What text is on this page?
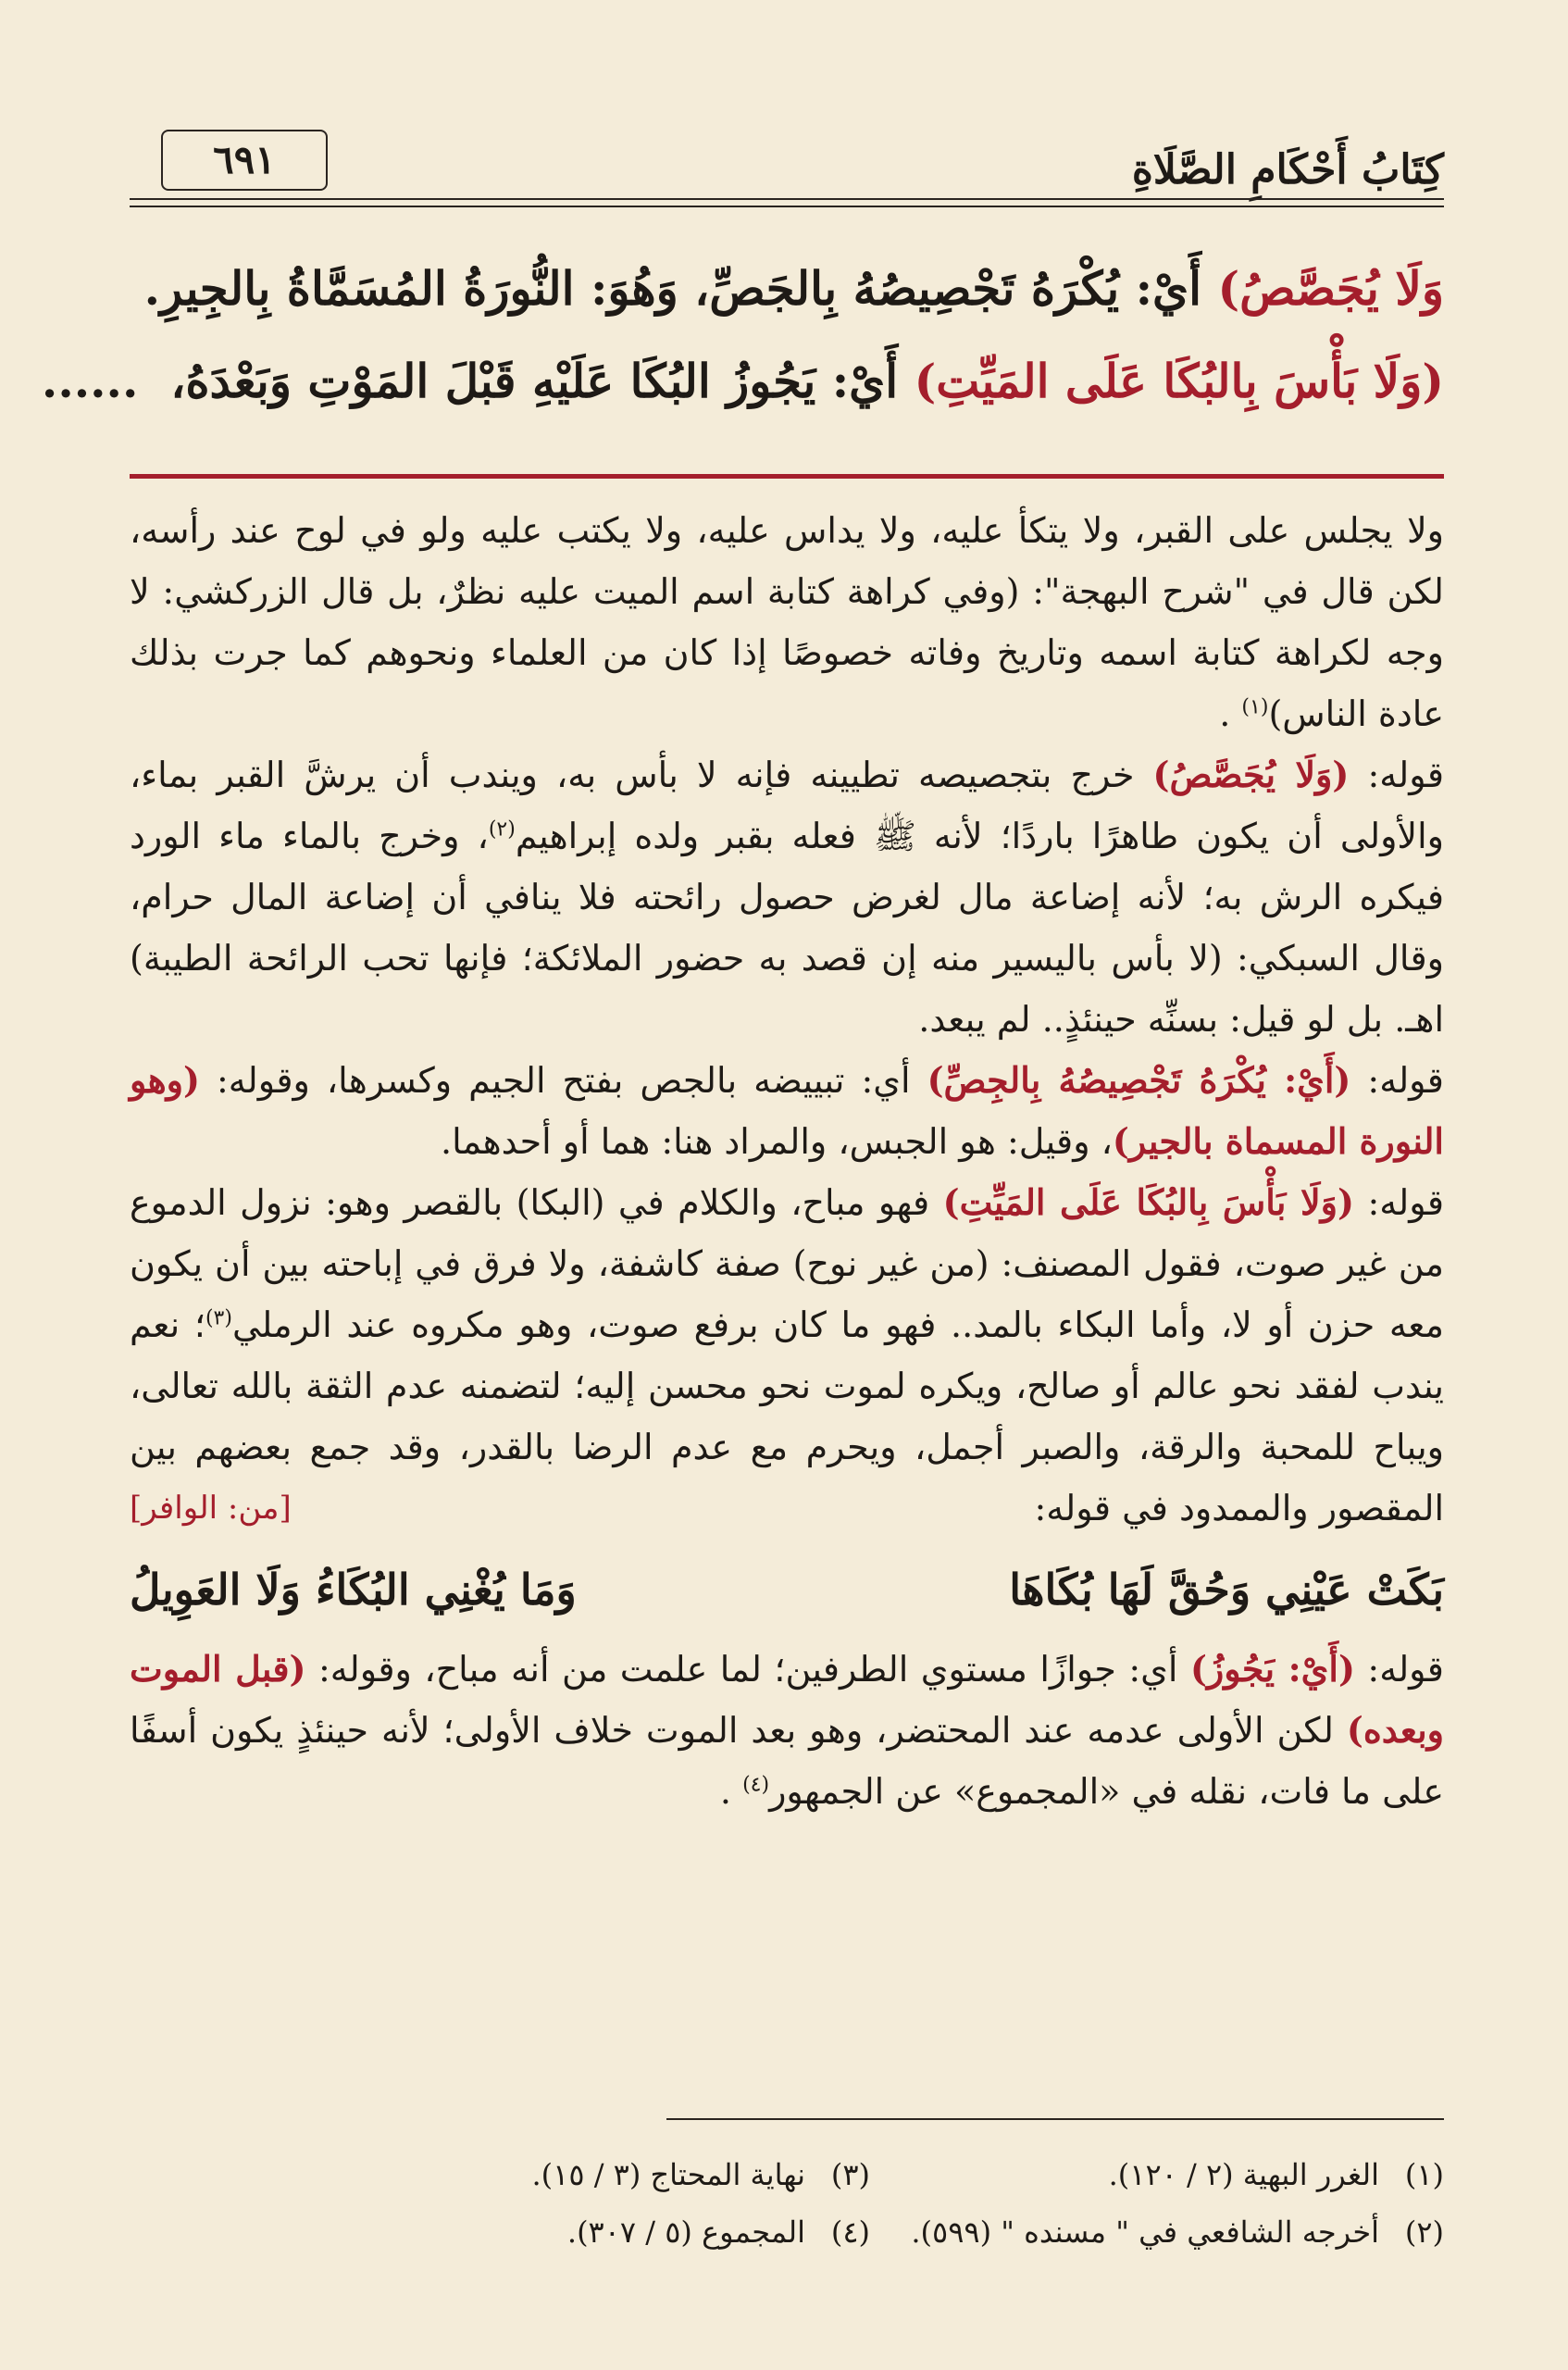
كِتَابُ أَحْكَامِ الصَّلَاةِ
٦٩١
وَلَا يُجَصَّصُ) أَيْ: يُكْرَهُ تَجْصِيصُهُ بِالجَصِّ، وَهُوَ: النُّورَةُ المُسَمَّاةُ بِالجِيرِ.
(وَلَا بَأْسَ بِالبُكَا عَلَى المَيِّتِ) أَيْ: يَجُوزُ البُكَا عَلَيْهِ قَبْلَ المَوْتِ وَبَعْدَهُ،  ......

ولا يجلس على القبر، ولا يتكأ عليه، ولا يداس عليه، ولا يكتب عليه ولو في لوح عند رأسه، لكن قال في "شرح البهجة": (وفي كراهة كتابة اسم الميت عليه نظرٌ، بل قال الزركشي: لا وجه لكراهة كتابة اسمه وتاريخ وفاته خصوصًا إذا كان من العلماء ونحوهم كما جرت بذلك عادة الناس)$^{(١)}$ .

قوله: (وَلَا يُجَصَّصُ) خرج بتجصيصه تطيينه فإنه لا بأس به، ويندب أن يرشَّ القبر بماء، والأولى أن يكون طاهرًا باردًا؛ لأنه ﷺ فعله بقبر ولده إبراهيم$^{(٢)}$، وخرج بالماء ماء الورد فيكره الرش به؛ لأنه إضاعة مال لغرض حصول رائحته فلا ينافي أن إضاعة المال حرام، وقال السبكي: (لا بأس باليسير منه إن قصد به حضور الملائكة؛ فإنها تحب الرائحة الطيبة) اهـ. بل لو قيل: بسنِّه حينئذٍ.. لم يبعد.

قوله: (أَيْ: يُكْرَهُ تَجْصِيصُهُ بِالجِصِّ) أي: تبييضه بالجص بفتح الجيم وكسرها، وقوله: (وهو النورة المسماة بالجير)، وقيل: هو الجبس، والمراد هنا: هما أو أحدهما.

قوله: (وَلَا بَأْسَ بِالبُكَا عَلَى المَيِّتِ) فهو مباح، والكلام في (البكا) بالقصر وهو: نزول الدموع من غير صوت، فقول المصنف: (من غير نوح) صفة كاشفة، ولا فرق في إباحته بين أن يكون معه حزن أو لا، وأما البكاء بالمد.. فهو ما كان برفع صوت، وهو مكروه عند الرملي$^{(٣)}$؛ نعم يندب لفقد نحو عالم أو صالح، ويكره لموت نحو محسن إليه؛ لتضمنه عدم الثقة بالله تعالى، ويباح للمحبة والرقة، والصبر أجمل، ويحرم مع عدم الرضا بالقدر، وقد جمع بعضهم بين المقصور والممدود في قوله:
[من: الوافر]

بَكَتْ عَيْنِي وَحُقَّ لَهَا بُكَاهَا
وَمَا يُغْنِي البُكَاءُ وَلَا العَوِيلُ

قوله: (أَيْ: يَجُوزُ) أي: جوازًا مستوي الطرفين؛ لما علمت من أنه مباح، وقوله: (قبل الموت وبعده) لكن الأولى عدمه عند المحتضر، وهو بعد الموت خلاف الأولى؛ لأنه حينئذٍ يكون أسفًا على ما فات، نقله في «المجموع» عن الجمهور$^{(٤)}$ .

(١)الغرر البهية (٢ / ١٢٠).
(٣)نهاية المحتاج (٣ / ١٥).
(٢)أخرجه الشافعي في " مسنده " (٥٩٩).
(٤)المجموع (٥ / ٣٠٧).
